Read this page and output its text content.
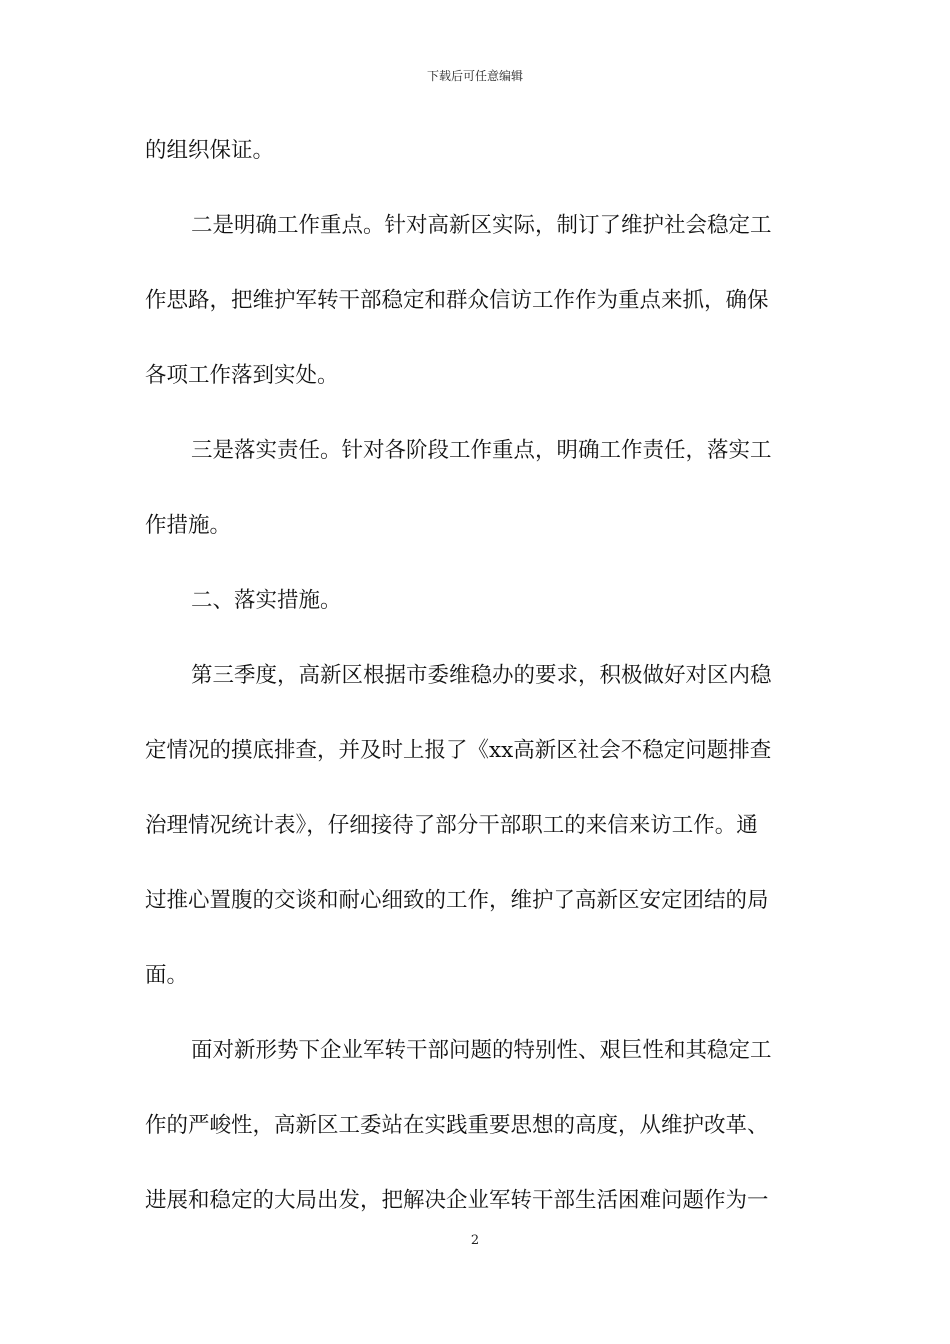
下载后可任意编辑
的组织保证。
二是明确工作重点。针对高新区实际，制订了维护社会稳定工
作思路，把维护军转干部稳定和群众信访工作作为重点来抓，确保
各项工作落到实处。
三是落实责任。针对各阶段工作重点，明确工作责任，落实工
作措施。
二、落实措施。
第三季度，高新区根据市委维稳办的要求，积极做好对区内稳
定情况的摸底排查，并及时上报了《xx高新区社会不稳定问题排查
治理情况统计表》，仔细接待了部分干部职工的来信来访工作。通
过推心置腹的交谈和耐心细致的工作，维护了高新区安定团结的局
面。
面对新形势下企业军转干部问题的特别性、艰巨性和其稳定工
作的严峻性，高新区工委站在实践重要思想的高度，从维护改革、
进展和稳定的大局出发，把解决企业军转干部生活困难问题作为一
2
